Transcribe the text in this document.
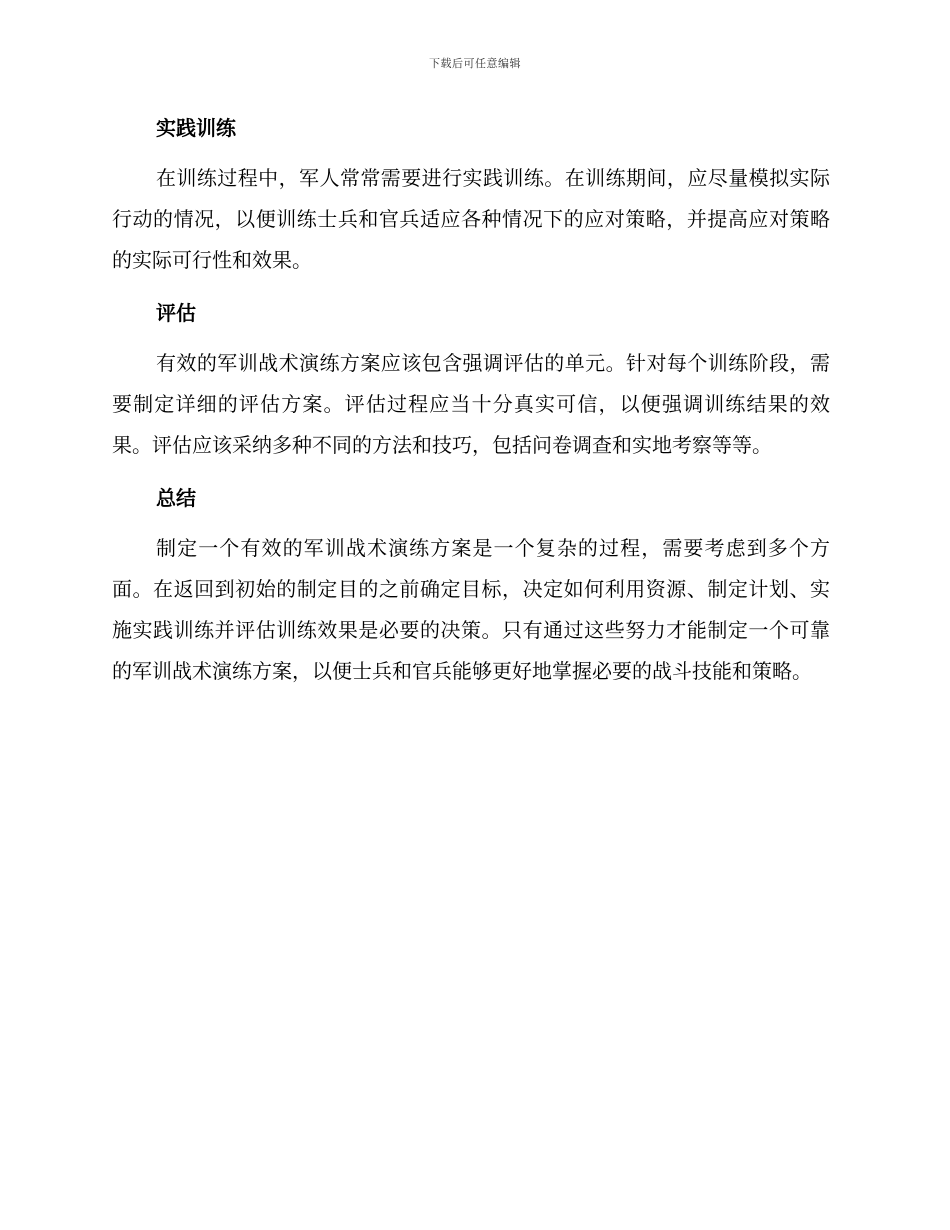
下载后可任意编辑
实践训练

在训练过程中，军人常常需要进行实践训练。在训练期间，应尽量模拟实际行动的情况，以便训练士兵和官兵适应各种情况下的应对策略，并提高应对策略的实际可行性和效果。

评估

有效的军训战术演练方案应该包含强调评估的单元。针对每个训练阶段，需要制定详细的评估方案。评估过程应当十分真实可信，以便强调训练结果的效果。评估应该采纳多种不同的方法和技巧，包括问卷调查和实地考察等等。

总结

制定一个有效的军训战术演练方案是一个复杂的过程，需要考虑到多个方面。在返回到初始的制定目的之前确定目标，决定如何利用资源、制定计划、实施实践训练并评估训练效果是必要的决策。只有通过这些努力才能制定一个可靠的军训战术演练方案，以便士兵和官兵能够更好地掌握必要的战斗技能和策略。
